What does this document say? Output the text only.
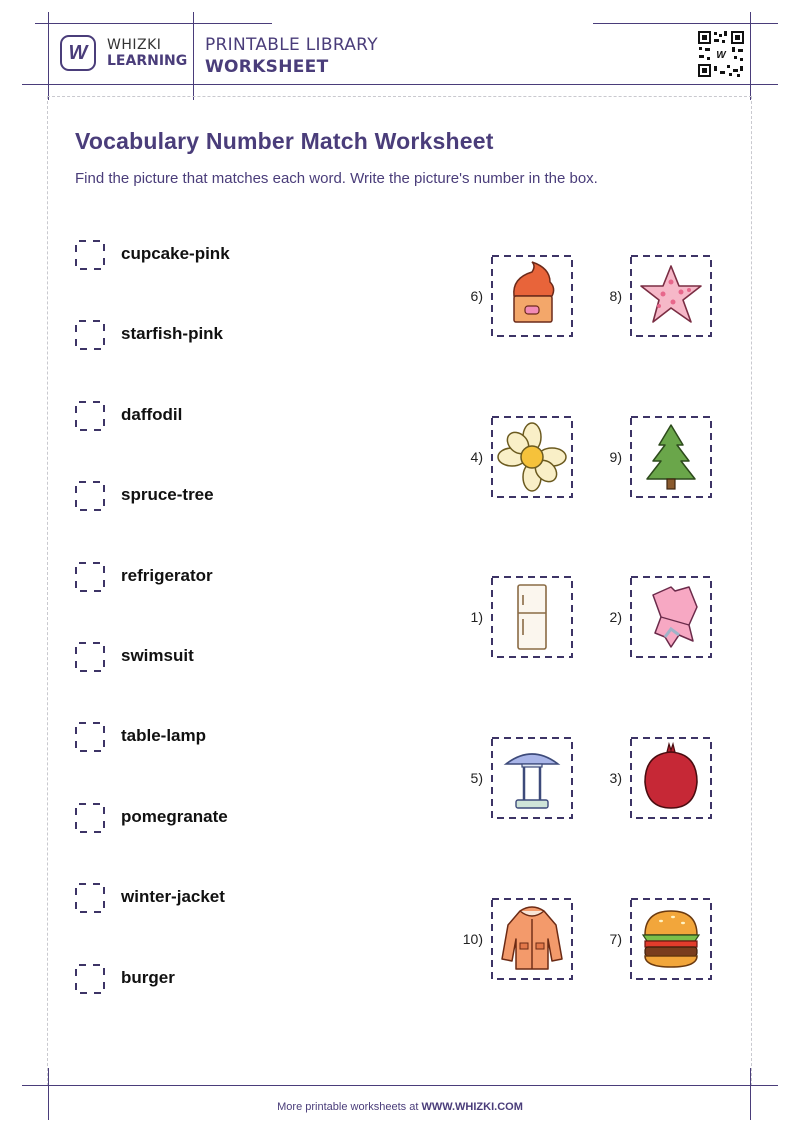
W WHIZKI
LEARNING
PRINTABLE LIBRARY
WORKSHEET
W
Vocabulary Number Match Worksheet
Find the picture that matches each word. Write the picture's number in the box.
cupcake-pink
starfish-pink
daffodil
spruce-tree
refrigerator
swimsuit
table-lamp
pomegranate
winter-jacket
burger
6)	8)
4)	9)
1)	2)
5)	3)
10)	7)
More printable worksheets at WWW.WHIZKI.COM
